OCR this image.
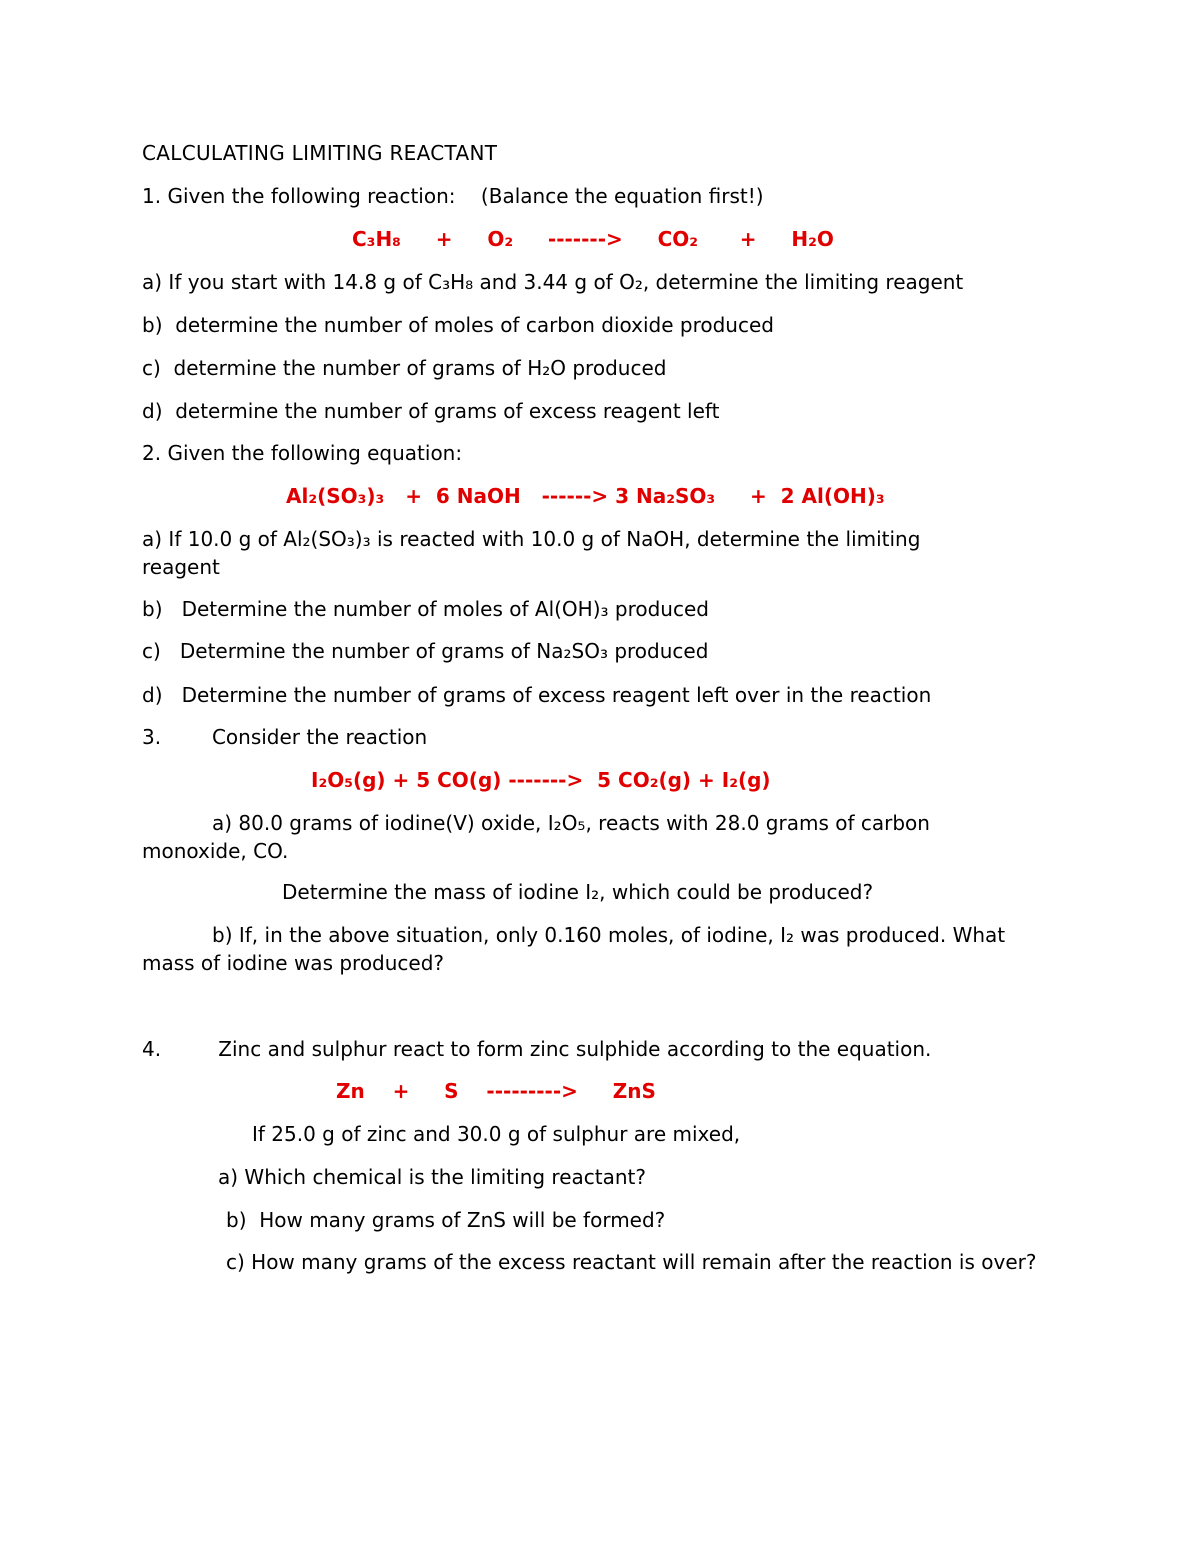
CALCULATING LIMITING REACTANT
1. Given the following reaction:    (Balance the equation first!)
C₃H₈     +     O₂     ------->     CO₂      +     H₂O
a) If you start with 14.8 g of C₃H₈ and 3.44 g of O₂, determine the limiting reagent
b)  determine the number of moles of carbon dioxide produced
c)  determine the number of grams of H₂O produced
d)  determine the number of grams of excess reagent left
2. Given the following equation:
Al₂(SO₃)₃   +  6 NaOH   ------> 3 Na₂SO₃     +  2 Al(OH)₃
a) If 10.0 g of Al₂(SO₃)₃ is reacted with 10.0 g of NaOH, determine the limiting reagent
b)   Determine the number of moles of Al(OH)₃ produced
c)   Determine the number of grams of Na₂SO₃ produced
d)   Determine the number of grams of excess reagent left over in the reaction
3.        Consider the reaction
I₂O₅(g) + 5 CO(g) ------->  5 CO₂(g) + I₂(g)
a) 80.0 grams of iodine(V) oxide, I₂O₅, reacts with 28.0 grams of carbon monoxide, CO.
Determine the mass of iodine I₂, which could be produced?
b) If, in the above situation, only 0.160 moles, of iodine, I₂ was produced. What mass of iodine was produced?
4.         Zinc and sulphur react to form zinc sulphide according to the equation.
Zn    +     S    --------->     ZnS
If 25.0 g of zinc and 30.0 g of sulphur are mixed,
a) Which chemical is the limiting reactant?
b)  How many grams of ZnS will be formed?
c) How many grams of the excess reactant will remain after the reaction is over?
